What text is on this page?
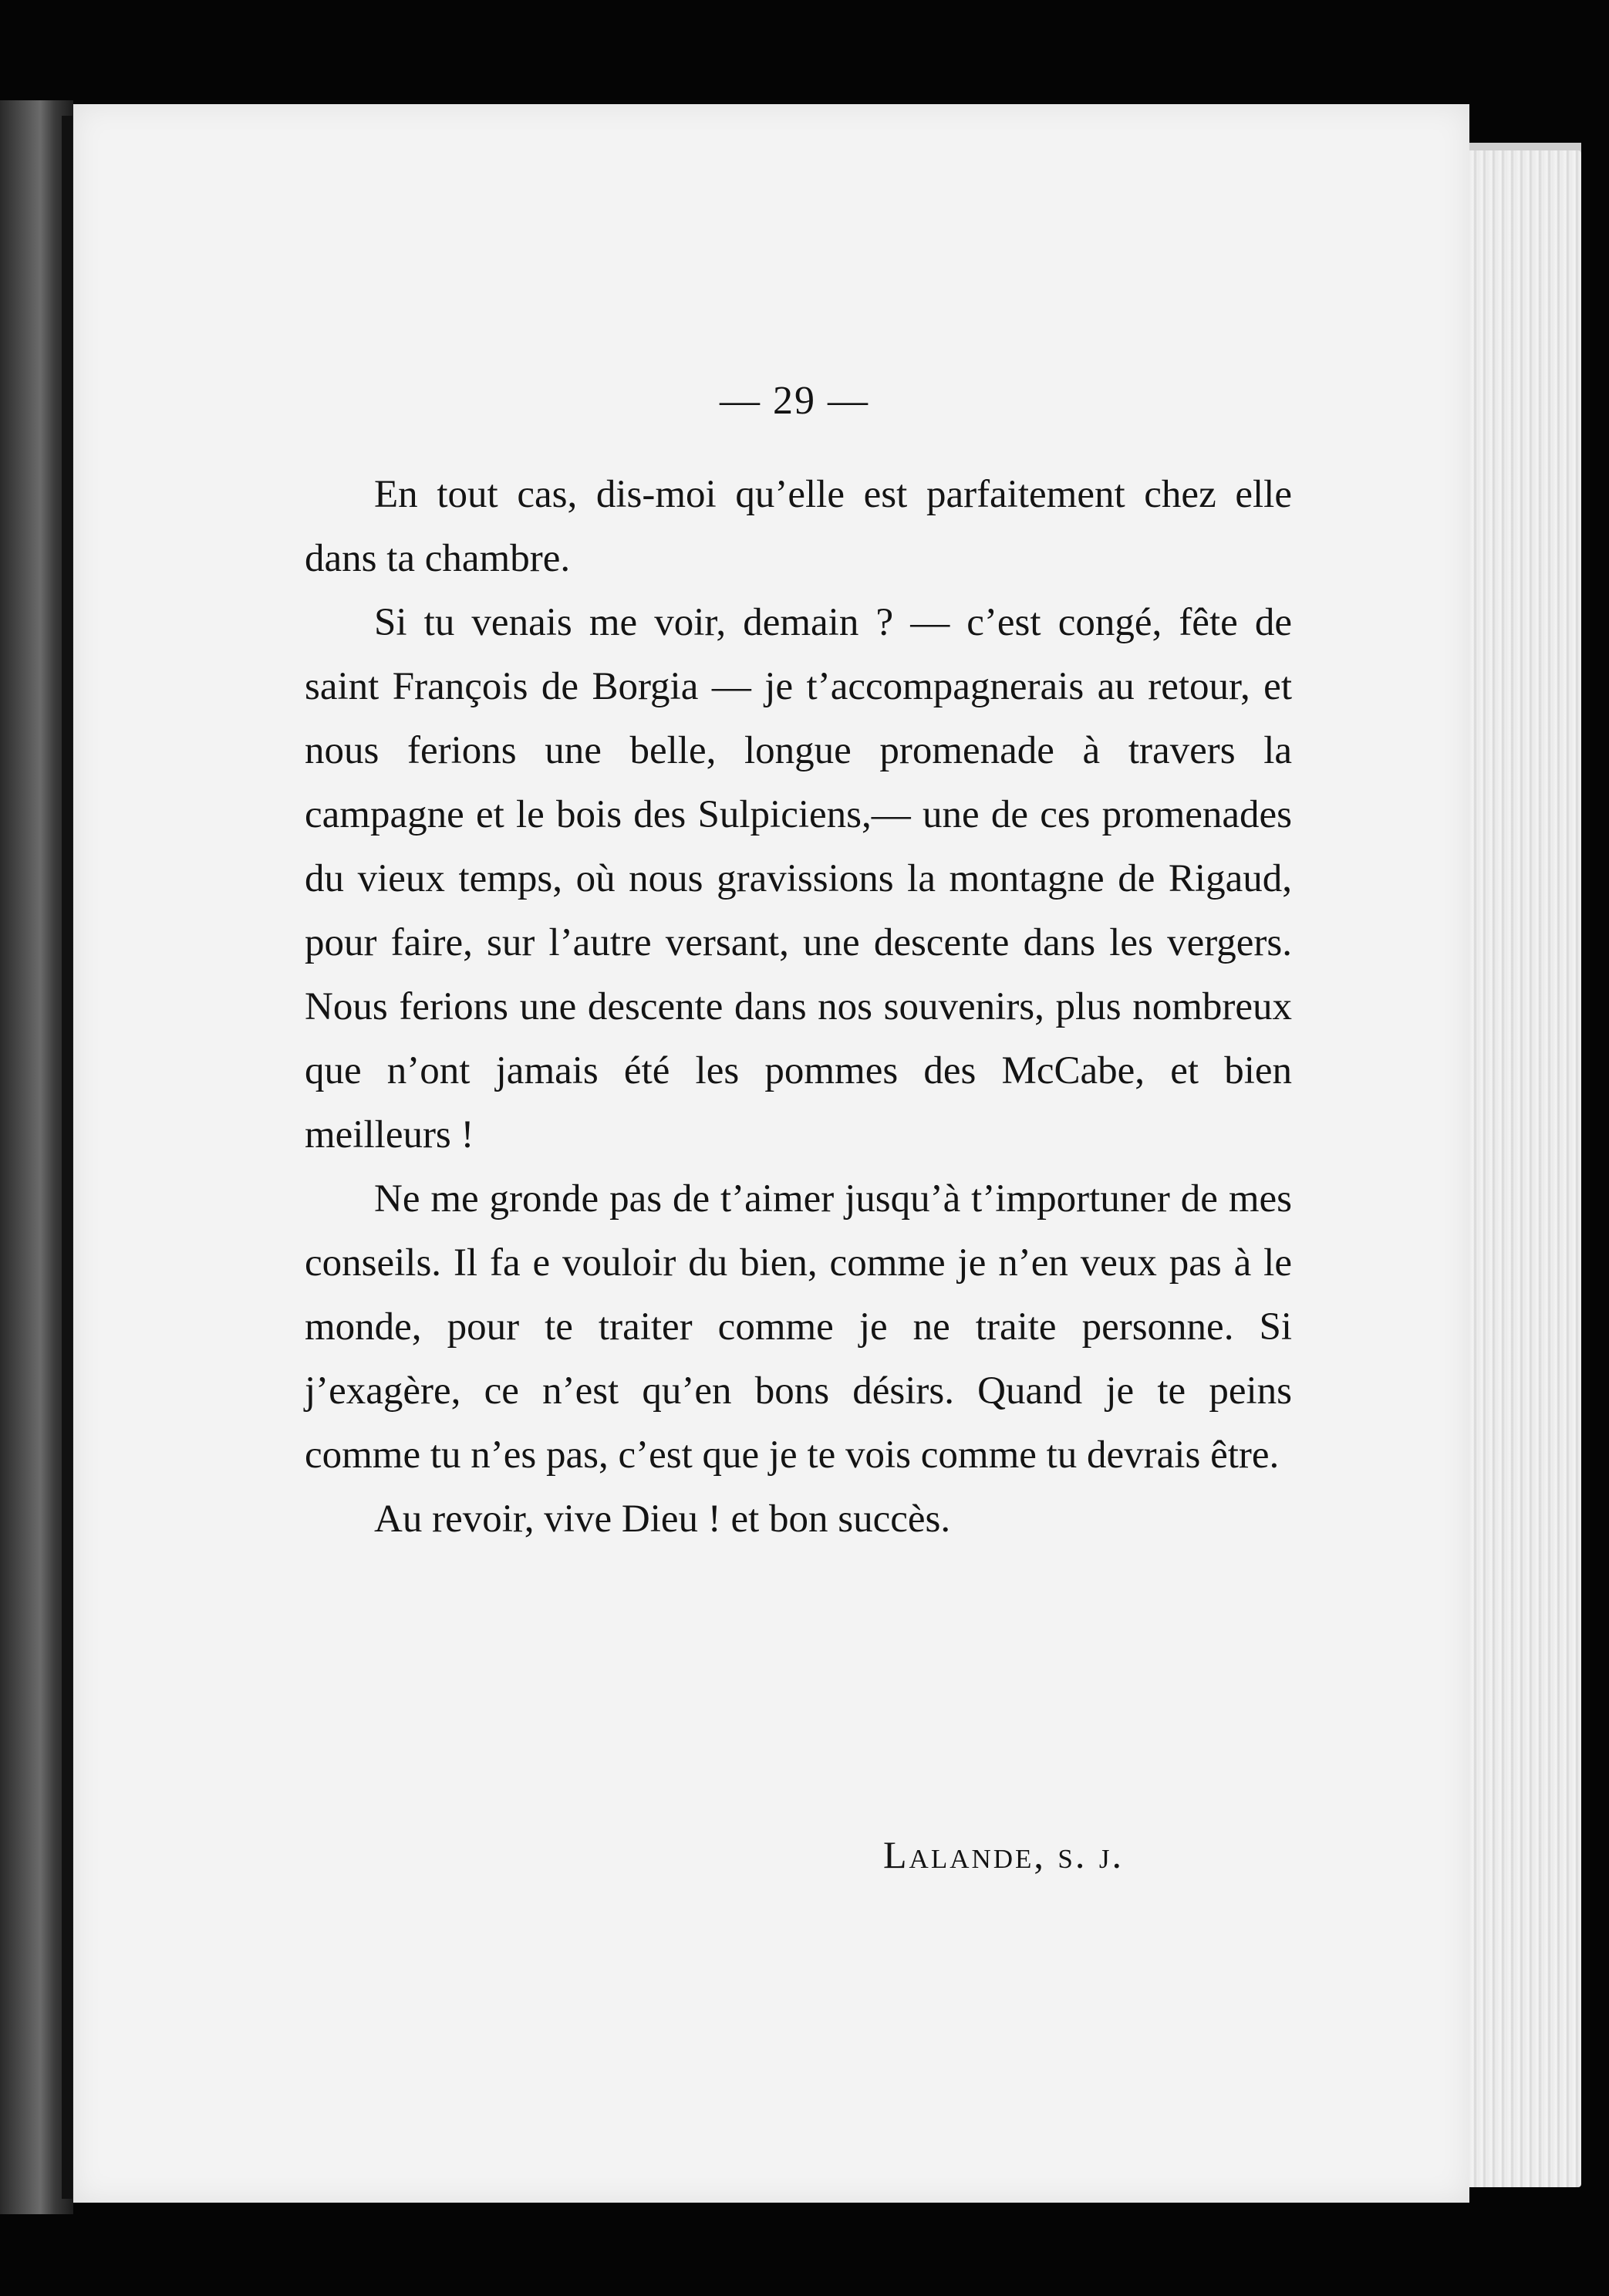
— 29 —

En tout cas, dis-moi qu’elle est parfaitement chez elle dans ta chambre.

Si tu venais me voir, demain ? — c’est congé, fête de saint François de Borgia — je t’accompagnerais au retour, et nous ferions une belle, longue promenade à travers la campagne et le bois des Sulpiciens,— une de ces promenades du vieux temps, où nous gravissions la montagne de Rigaud, pour faire, sur l’autre versant, une descente dans les vergers. Nous ferions une descente dans nos souvenirs, plus nombreux que n’ont jamais été les pommes des McCabe, et bien meilleurs !

Ne me gronde pas de t’aimer jusqu’à t’importuner de mes conseils. Il fa e vouloir du bien, comme je n’en veux pas à le monde, pour te traiter comme je ne traite personne. Si j’exagère, ce n’est qu’en bons désirs. Quand je te peins comme tu n’es pas, c’est que je te vois comme tu devrais être.

Au revoir, vive Dieu ! et bon succès.

Lalande, s. j.
